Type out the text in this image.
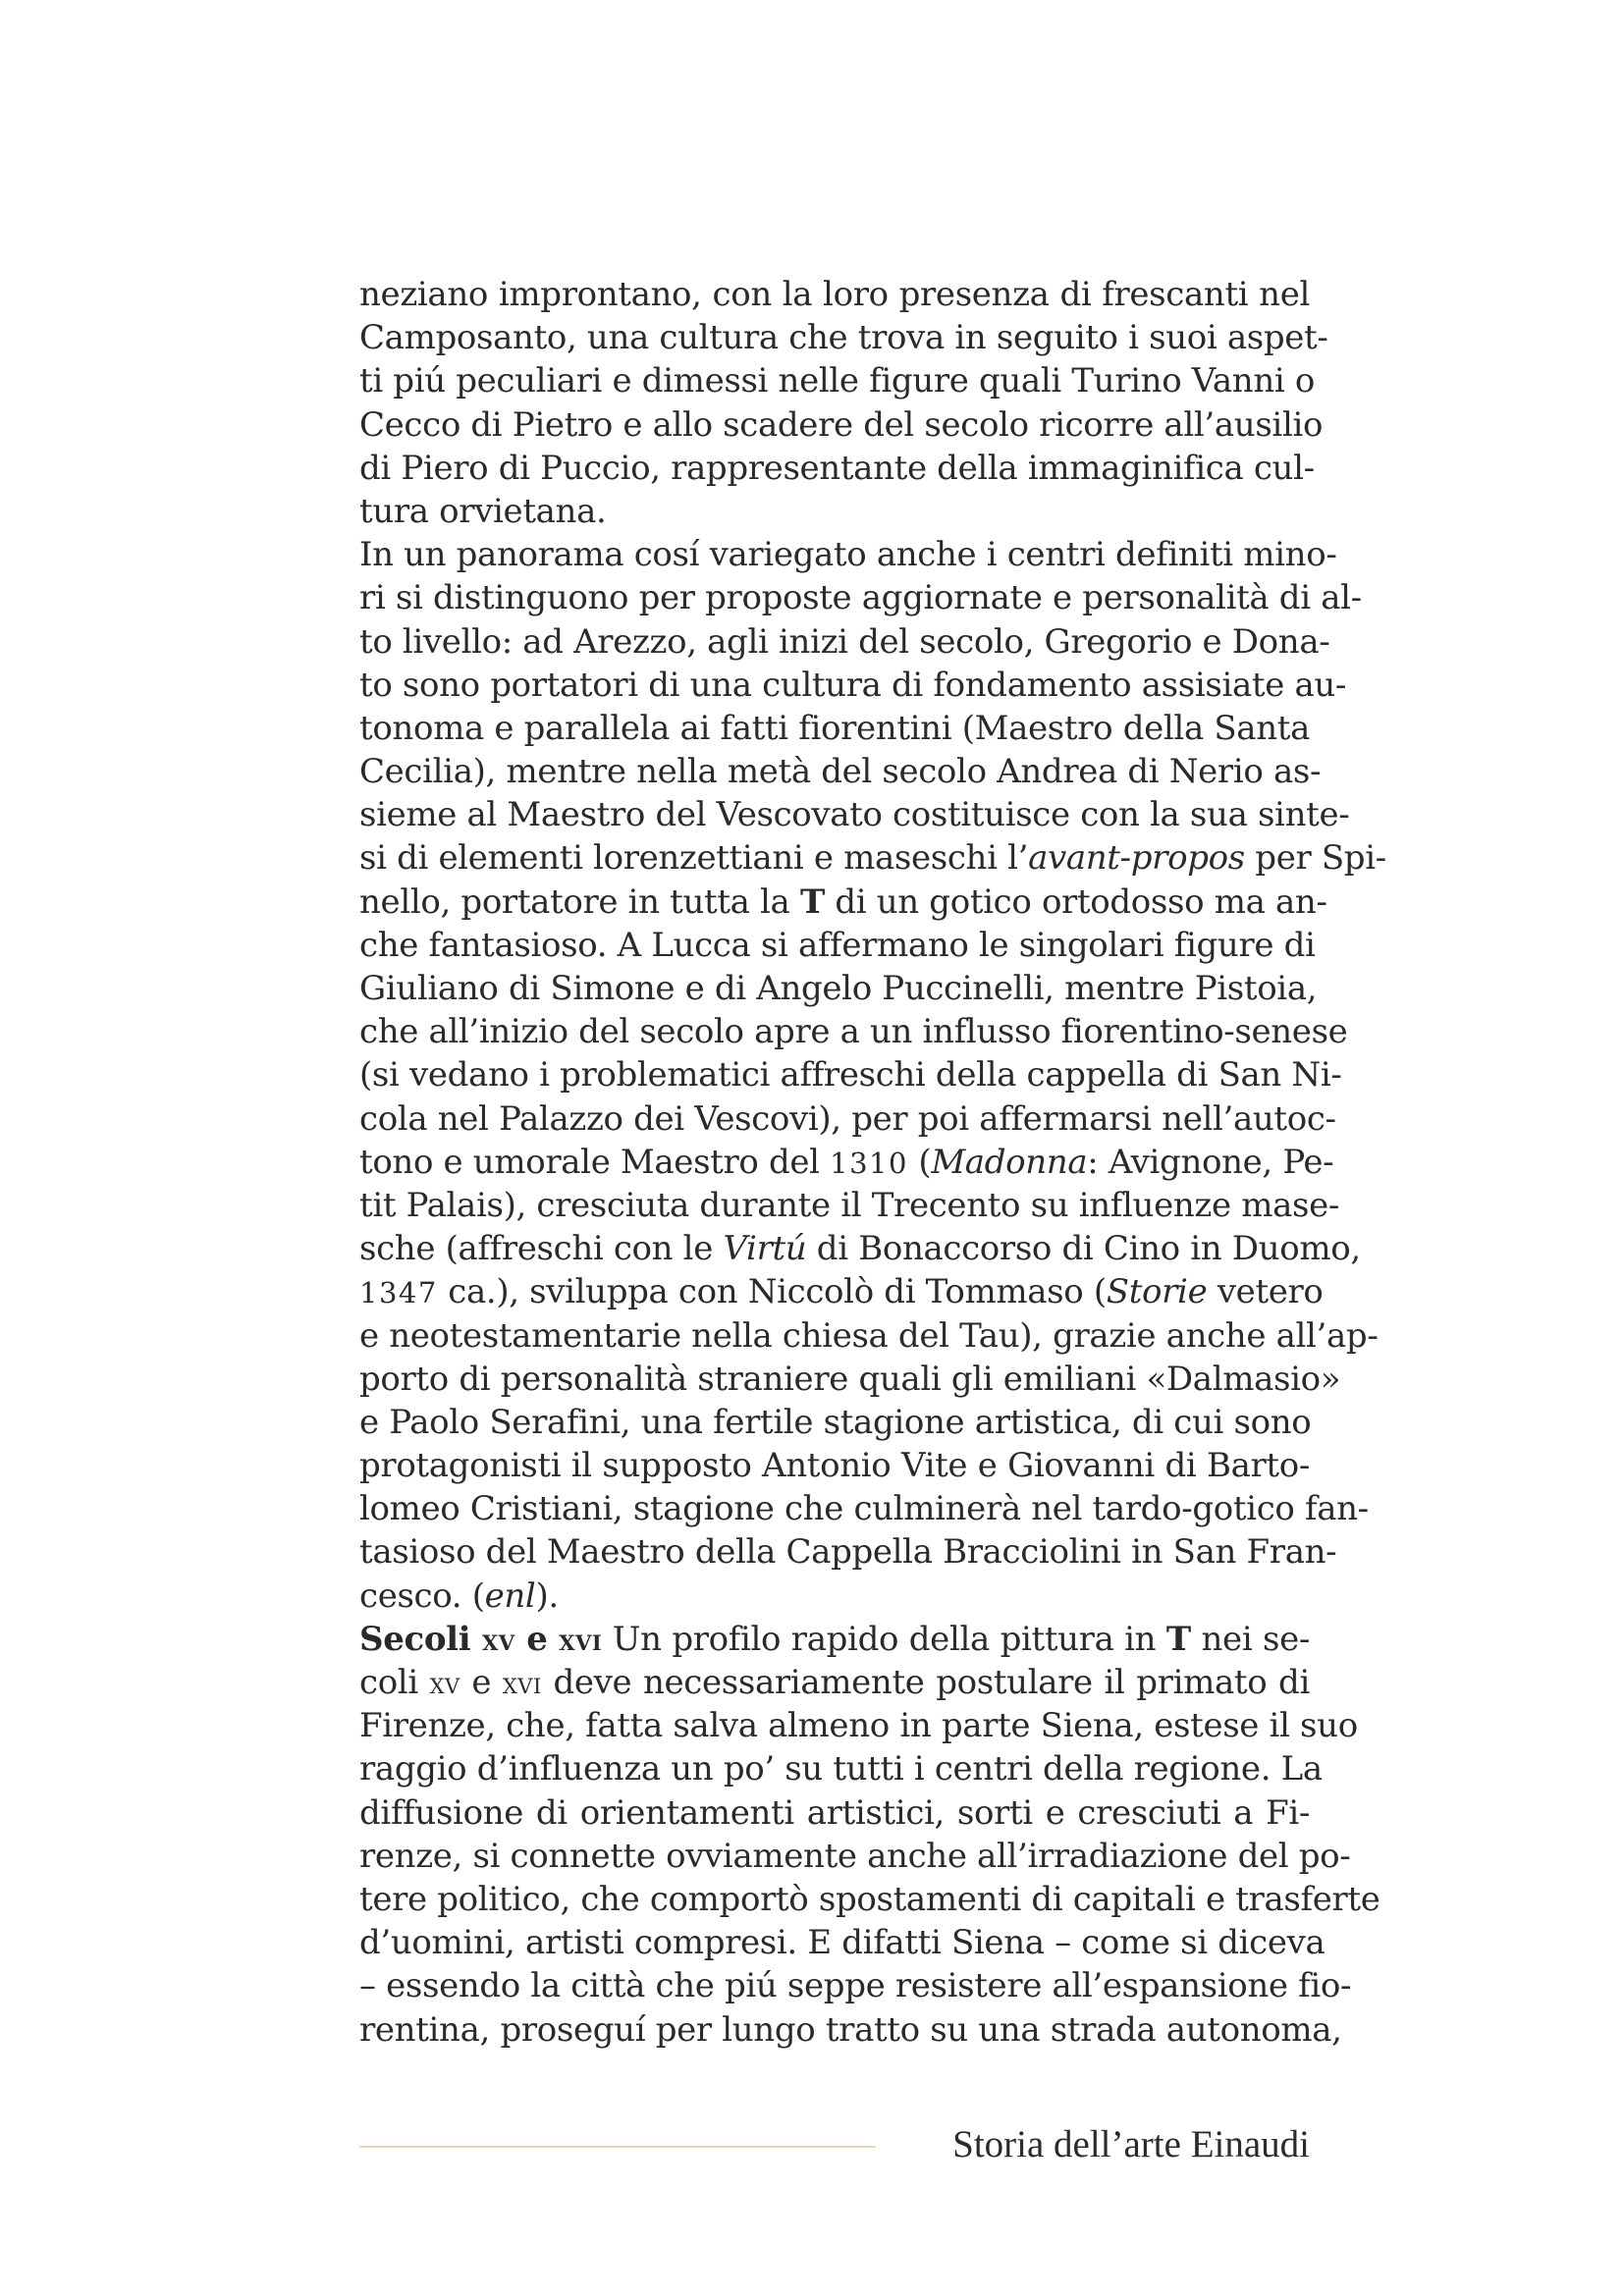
neziano improntano, con la loro presenza di frescanti nel
Camposanto, una cultura che trova in seguito i suoi aspet-
ti piú peculiari e dimessi nelle figure quali Turino Vanni o
Cecco di Pietro e allo scadere del secolo ricorre all’ausilio
di Piero di Puccio, rappresentante della immaginifica cul-
tura orvietana.
In un panorama cosí variegato anche i centri definiti mino-
ri si distinguono per proposte aggiornate e personalità di al-
to livello: ad Arezzo, agli inizi del secolo, Gregorio e Dona-
to sono portatori di una cultura di fondamento assisiate au-
tonoma e parallela ai fatti fiorentini (Maestro della Santa
Cecilia), mentre nella metà del secolo Andrea di Nerio as-
sieme al Maestro del Vescovato costituisce con la sua sinte-
si di elementi lorenzettiani e maseschi l’avant-propos per Spi-
nello, portatore in tutta la T di un gotico ortodosso ma an-
che fantasioso. A Lucca si affermano le singolari figure di
Giuliano di Simone e di Angelo Puccinelli, mentre Pistoia,
che all’inizio del secolo apre a un influsso fiorentino-senese
(si vedano i problematici affreschi della cappella di San Ni-
cola nel Palazzo dei Vescovi), per poi affermarsi nell’autoc-
tono e umorale Maestro del 1310 (Madonna: Avignone, Pe-
tit Palais), cresciuta durante il Trecento su influenze mase-
sche (affreschi con le Virtú di Bonaccorso di Cino in Duomo,
1347 ca.), sviluppa con Niccolò di Tommaso (Storie vetero
e neotestamentarie nella chiesa del Tau), grazie anche all’ap-
porto di personalità straniere quali gli emiliani «Dalmasio»
e Paolo Serafini, una fertile stagione artistica, di cui sono
protagonisti il supposto Antonio Vite e Giovanni di Barto-
lomeo Cristiani, stagione che culminerà nel tardo-gotico fan-
tasioso del Maestro della Cappella Bracciolini in San Fran-
cesco. (enl).
Secoli xv e xvi Un profilo rapido della pittura in T nei se-
coli xv e xvi deve necessariamente postulare il primato di
Firenze, che, fatta salva almeno in parte Siena, estese il suo
raggio d’influenza un po’ su tutti i centri della regione. La
diffusione di orientamenti artistici, sorti e cresciuti a Fi-
renze, si connette ovviamente anche all’irradiazione del po-
tere politico, che comportò spostamenti di capitali e trasferte
d’uomini, artisti compresi. E difatti Siena – come si diceva
– essendo la città che piú seppe resistere all’espansione fio-
rentina, proseguí per lungo tratto su una strada autonoma,
Storia dell’arte Einaudi
